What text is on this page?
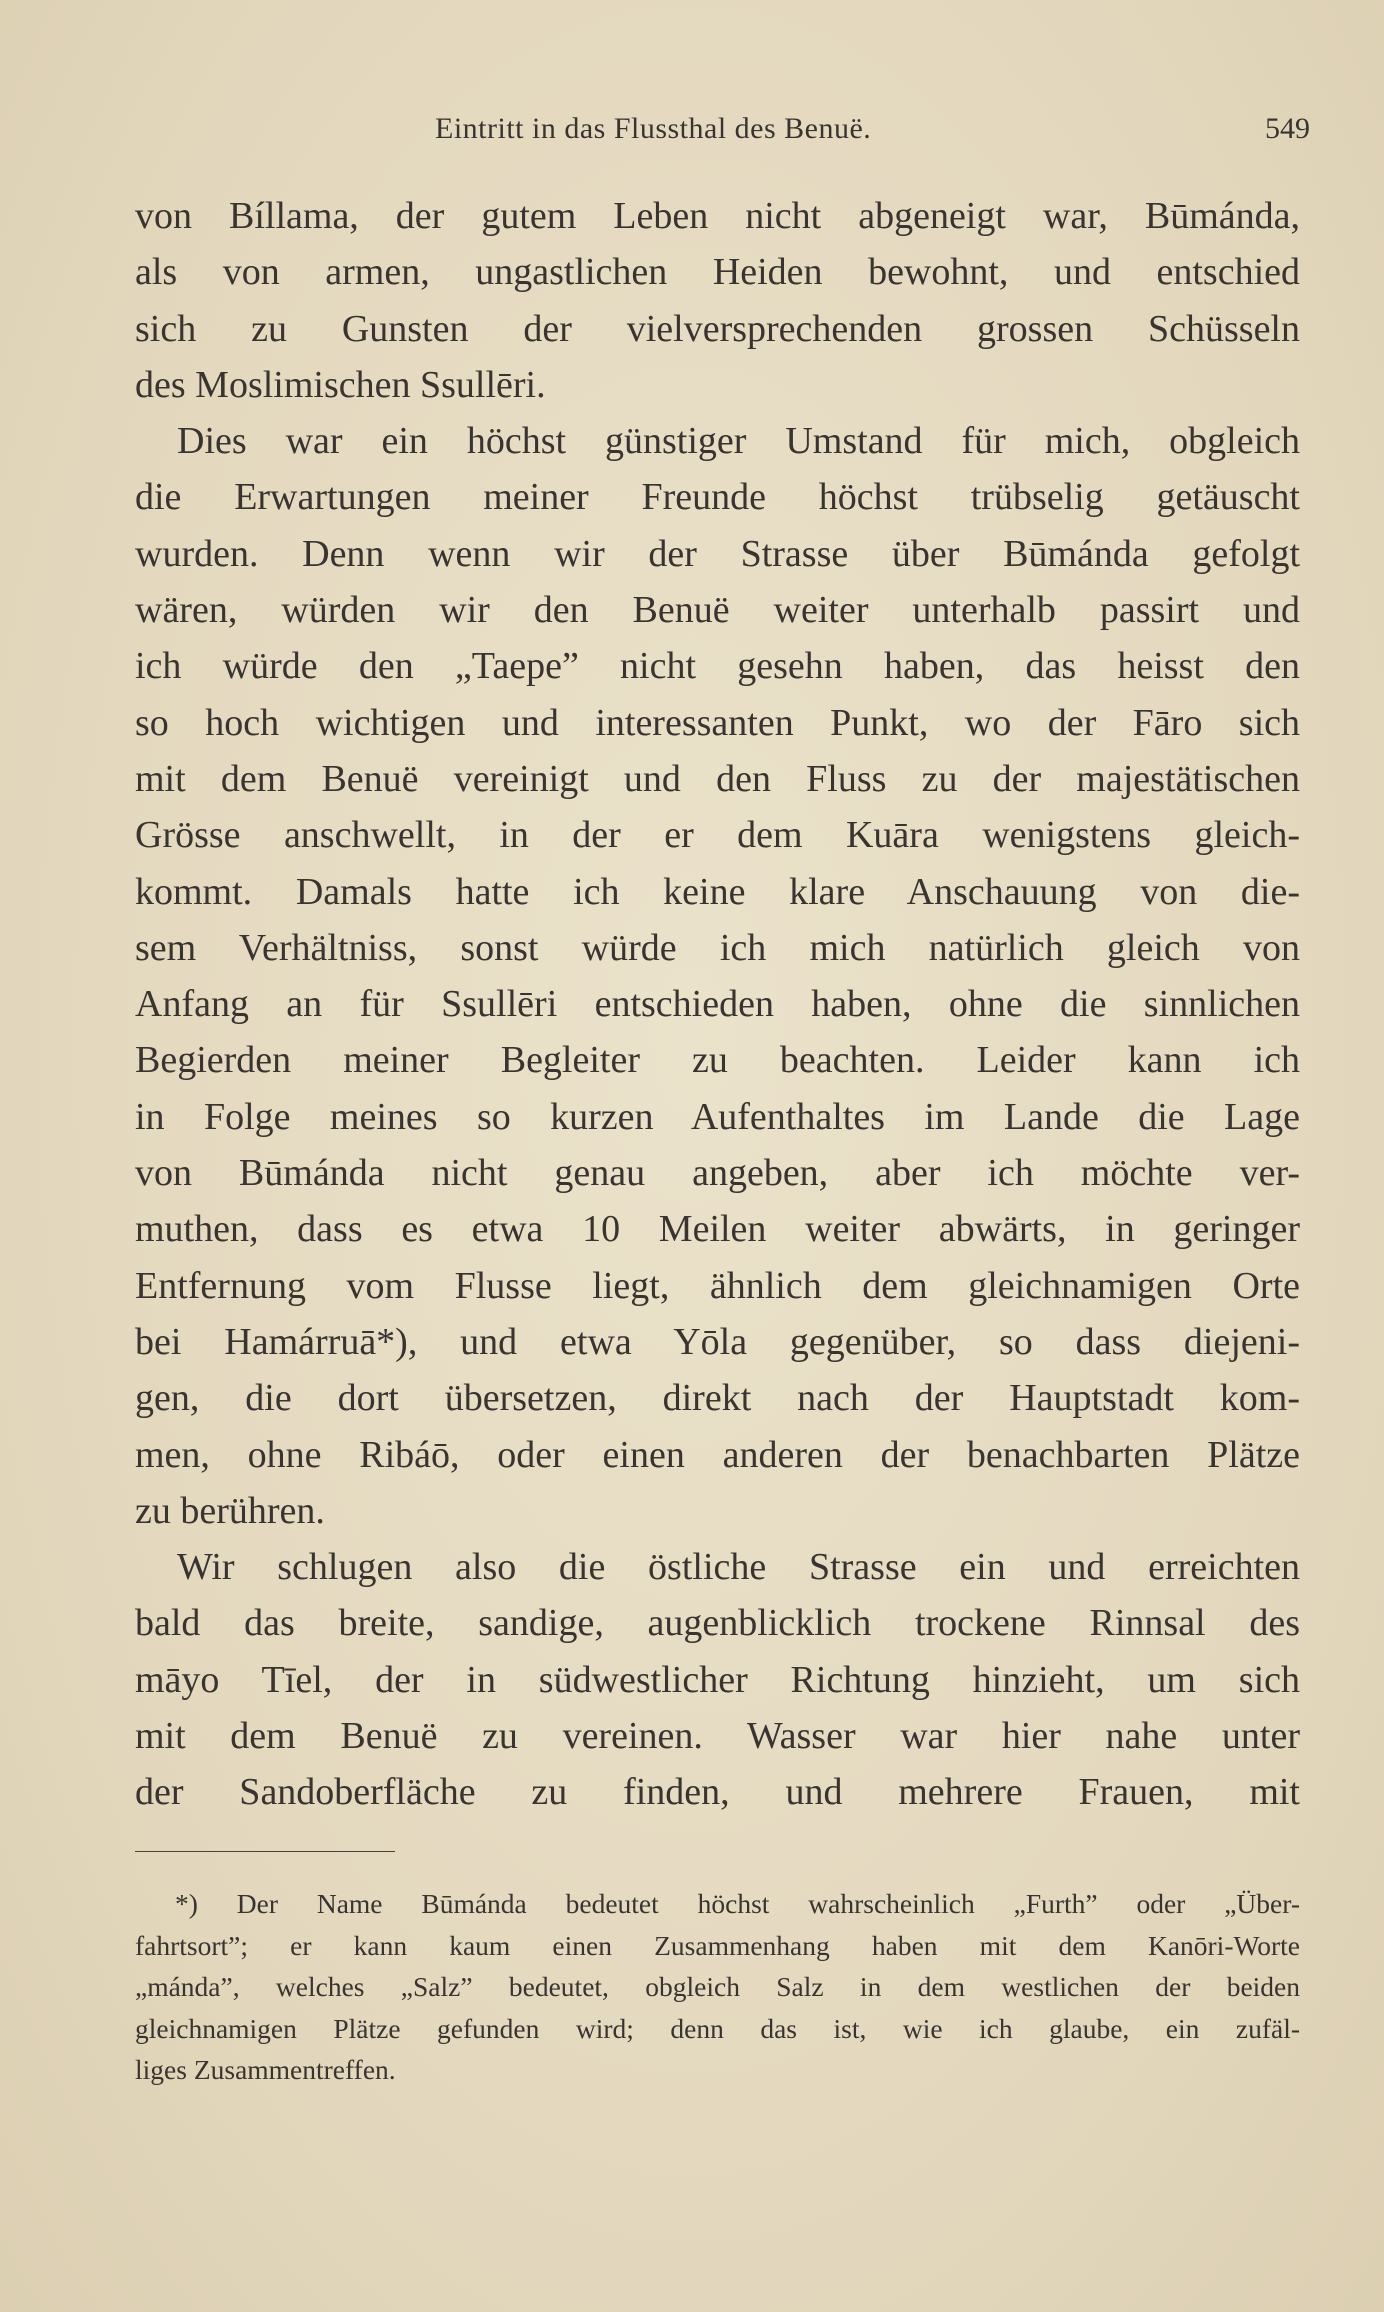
Eintritt in das Flussthal des Benuë.	549
von Bíllama, der gutem Leben nicht abgeneigt war, Būmánda,
als von armen, ungastlichen Heiden bewohnt, und entschied
sich zu Gunsten der vielversprechenden grossen Schüsseln
des Moslimischen Ssullēri.
Dies war ein höchst günstiger Umstand für mich, obgleich
die Erwartungen meiner Freunde höchst trübselig getäuscht
wurden. Denn wenn wir der Strasse über Būmánda gefolgt
wären, würden wir den Benuë weiter unterhalb passirt und
ich würde den „Taepe” nicht gesehn haben, das heisst den
so hoch wichtigen und interessanten Punkt, wo der Fāro sich
mit dem Benuë vereinigt und den Fluss zu der majestätischen
Grösse anschwellt, in der er dem Kuāra wenigstens gleich-
kommt. Damals hatte ich keine klare Anschauung von die-
sem Verhältniss, sonst würde ich mich natürlich gleich von
Anfang an für Ssullēri entschieden haben, ohne die sinnlichen
Begierden meiner Begleiter zu beachten. Leider kann ich
in Folge meines so kurzen Aufenthaltes im Lande die Lage
von Būmánda nicht genau angeben, aber ich möchte ver-
muthen, dass es etwa 10 Meilen weiter abwärts, in geringer
Entfernung vom Flusse liegt, ähnlich dem gleichnamigen Orte
bei Hamárruā*), und etwa Yōla gegenüber, so dass diejeni-
gen, die dort übersetzen, direkt nach der Hauptstadt kom-
men, ohne Ribáō, oder einen anderen der benachbarten Plätze
zu berühren.
Wir schlugen also die östliche Strasse ein und erreichten
bald das breite, sandige, augenblicklich trockene Rinnsal des
māyo Tīel, der in südwestlicher Richtung hinzieht, um sich
mit dem Benuë zu vereinen. Wasser war hier nahe unter
der Sandoberfläche zu finden, und mehrere Frauen, mit
*) Der Name Būmánda bedeutet höchst wahrscheinlich „Furth” oder „Über-
fahrtsort”; er kann kaum einen Zusammenhang haben mit dem Kanōri-Worte
„mánda”, welches „Salz” bedeutet, obgleich Salz in dem westlichen der beiden
gleichnamigen Plätze gefunden wird; denn das ist, wie ich glaube, ein zufäl-
liges Zusammentreffen.
